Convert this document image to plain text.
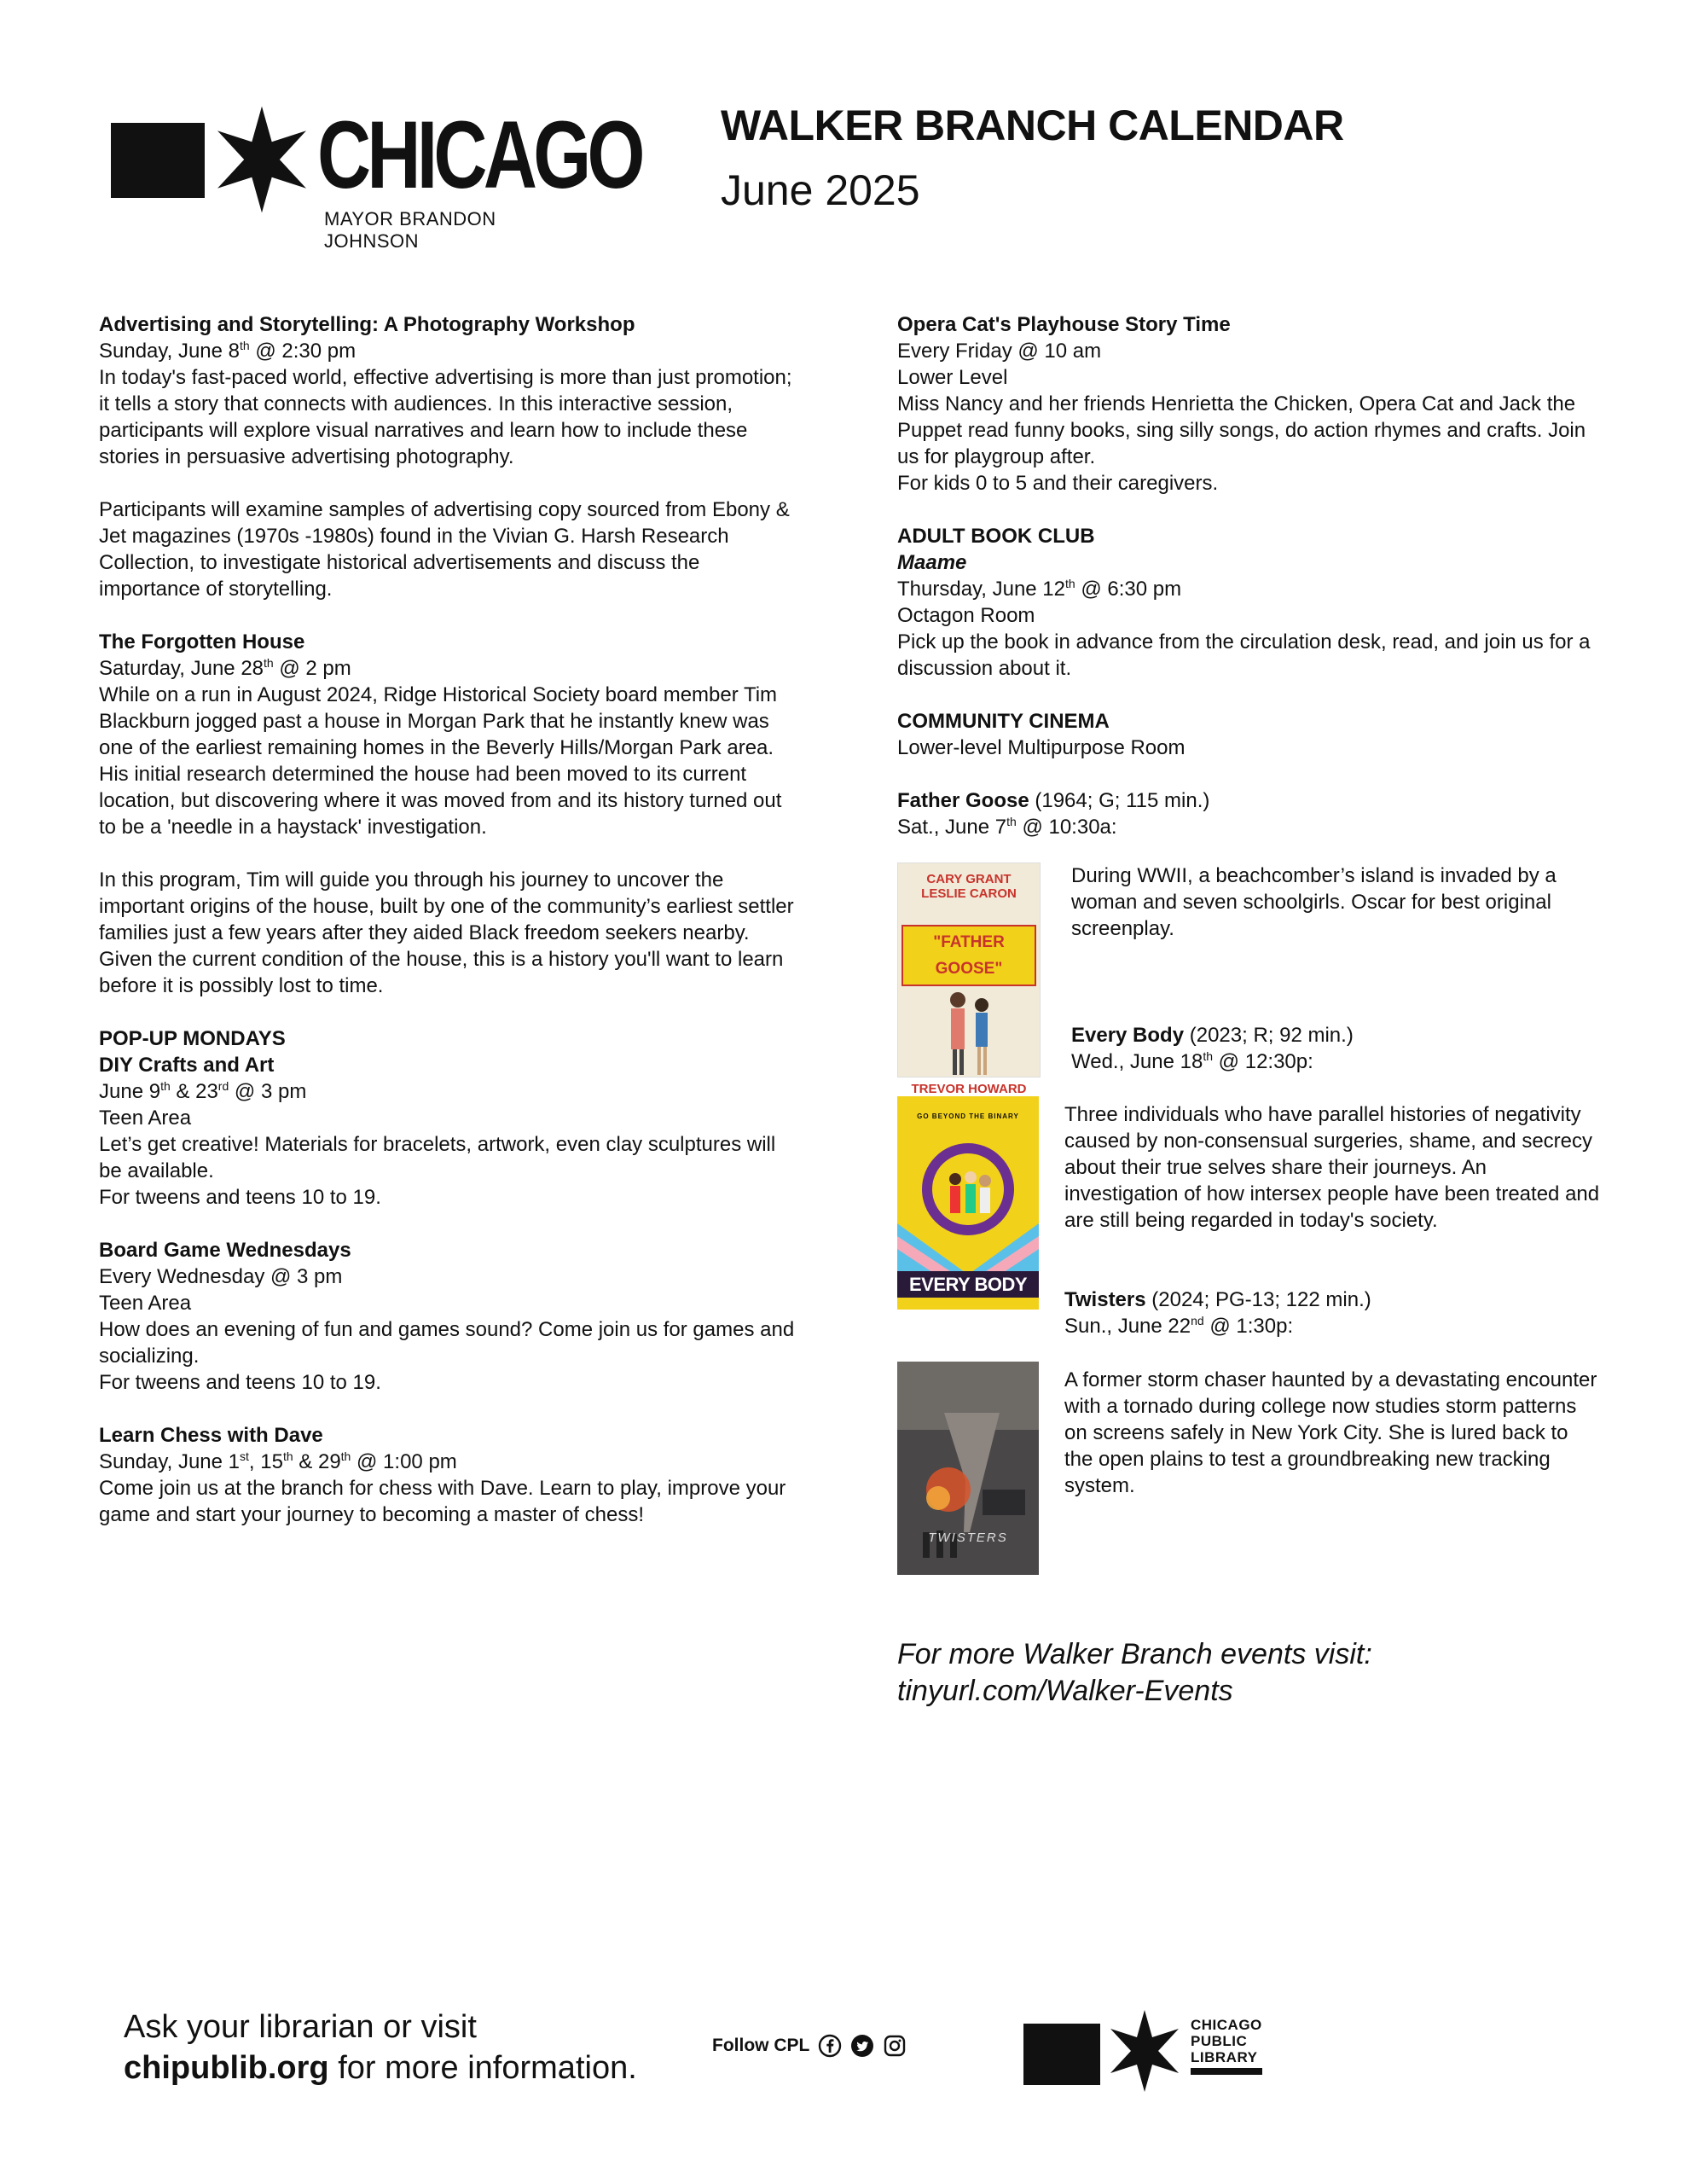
CHICAGO
MAYOR BRANDON JOHNSON
WALKER BRANCH CALENDAR
June 2025

Advertising and Storytelling: A Photography Workshop

Sunday, June 8th @ 2:30 pm

In today's fast-paced world, effective advertising is more than just promotion; it tells a story that connects with audiences. In this interactive session, participants will explore visual narratives and learn how to include these stories in persuasive advertising photography.

Participants will examine samples of advertising copy sourced from Ebony & Jet magazines (1970s -1980s) found in the Vivian G. Harsh Research Collection, to investigate historical advertisements and discuss the importance of storytelling.

The Forgotten House

Saturday, June 28th @ 2 pm

While on a run in August 2024, Ridge Historical Society board member Tim Blackburn jogged past a house in Morgan Park that he instantly knew was one of the earliest remaining homes in the Beverly Hills/Morgan Park area. His initial research determined the house had been moved to its current location, but discovering where it was moved from and its history turned out to be a 'needle in a haystack' investigation.

In this program, Tim will guide you through his journey to uncover the important origins of the house, built by one of the community’s earliest settler families just a few years after they aided Black freedom seekers nearby. Given the current condition of the house, this is a history you'll want to learn before it is possibly lost to time.

POP-UP MONDAYS

DIY Crafts and Art

June 9th & 23rd @ 3 pm

Teen Area

Let’s get creative! Materials for bracelets, artwork, even clay sculptures will be available.

For tweens and teens 10 to 19.

Board Game Wednesdays

Every Wednesday @ 3 pm

Teen Area

How does an evening of fun and games sound? Come join us for games and socializing.

For tweens and teens 10 to 19.

Learn Chess with Dave

Sunday, June 1st, 15th & 29th @ 1:00 pm

Come join us at the branch for chess with Dave. Learn to play, improve your game and start your journey to becoming a master of chess!

Opera Cat's Playhouse Story Time

Every Friday @ 10 am

Lower Level

Miss Nancy and her friends Henrietta the Chicken, Opera Cat and Jack the Puppet read funny books, sing silly songs, do action rhymes and crafts. Join us for playgroup after.

For kids 0 to 5 and their caregivers.

ADULT BOOK CLUB

Maame

Thursday, June 12th @ 6:30 pm

Octagon Room

Pick up the book in advance from the circulation desk, read, and join us for a discussion about it.

COMMUNITY CINEMA

Lower-level Multipurpose Room

Father Goose (1964; G; 115 min.)

Sat., June 7th @ 10:30a:

CARY GRANT
LESLIE CARON
"FATHER GOOSE"
TREVOR HOWARD
During WWII, a beachcomber’s island is invaded by a woman and seven schoolgirls. Oscar for best original screenplay.
Every Body (2023; R; 92 min.)
Wed., June 18th @ 12:30p:
GO BEYOND THE BINARY
EVERY BODY
Three individuals who have parallel histories of negativity caused by non-consensual surgeries, shame, and secrecy about their true selves share their journeys. An investigation of how intersex people have been treated and are still being regarded in today's society.
Twisters (2024; PG-13; 122 min.)
Sun., June 22nd @ 1:30p:
TWISTERS
A former storm chaser haunted by a devastating encounter with a tornado during college now studies storm patterns on screens safely in New York City. She is lured back to the open plains to test a groundbreaking new tracking system.
For more Walker Branch events visit:
tinyurl.com/Walker-Events
Ask your librarian or visit
chipublib.org for more information.
Follow CPL
CHICAGO
PUBLIC
LIBRARY
